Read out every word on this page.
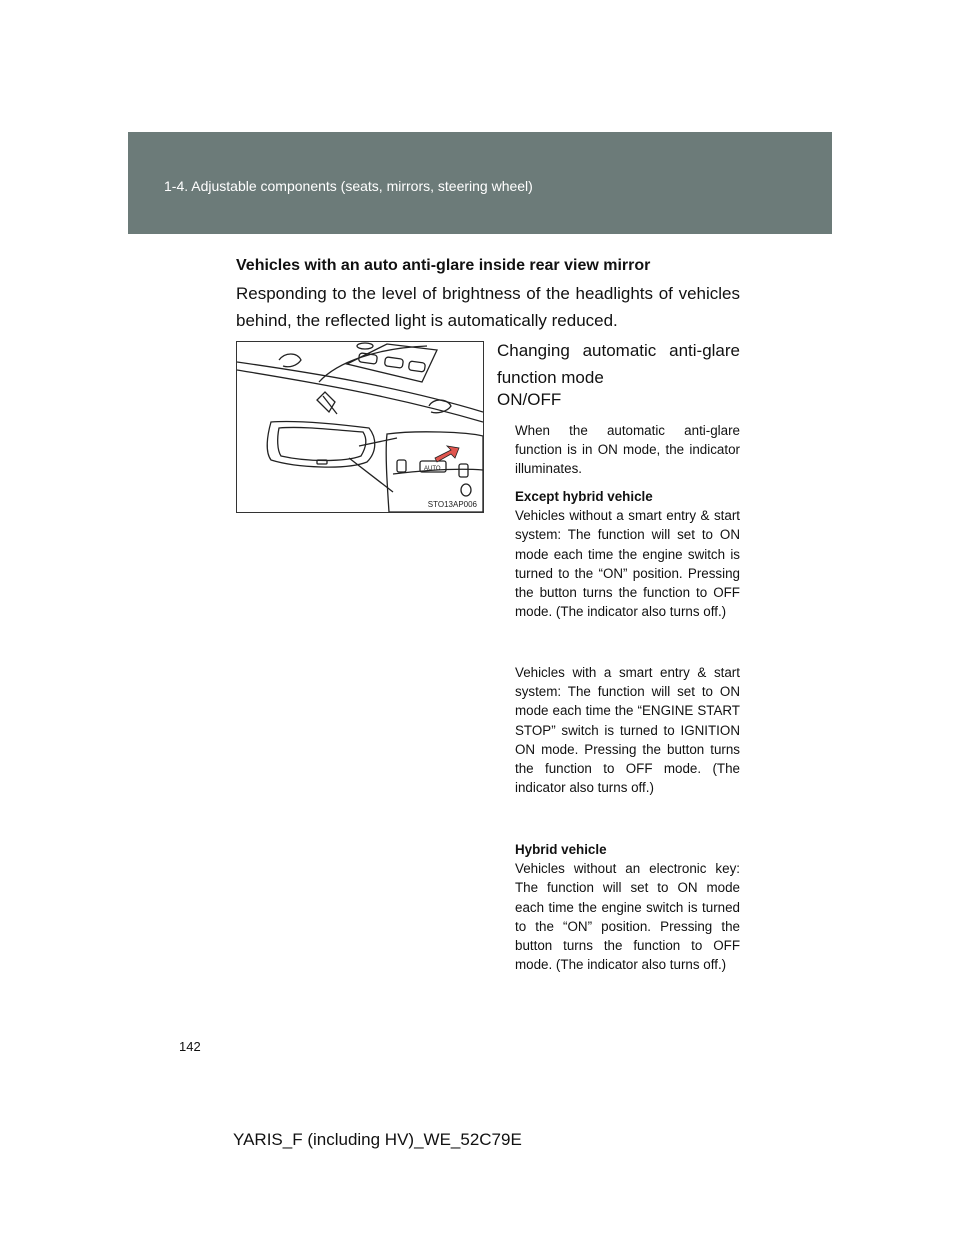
1-4. Adjustable components (seats, mirrors, steering wheel)
Vehicles with an auto anti-glare inside rear view mirror
Responding to the level of brightness of the headlights of vehicles behind, the reflected light is automatically reduced.
AUTO
STO13AP006
Changing automatic anti-glare function mode
ON/OFF

When the automatic anti-glare function is in ON mode, the indicator illuminates.

Except hybrid vehicle

Vehicles without a smart entry & start system: The function will set to ON mode each time the engine switch is turned to the “ON” position. Pressing the button turns the function to OFF mode. (The indicator also turns off.)

Vehicles with a smart entry & start system: The function will set to ON mode each time the “ENGINE START STOP” switch is turned to IGNITION ON mode. Pressing the button turns the function to OFF mode. (The indicator also turns off.)

Hybrid vehicle

Vehicles without an electronic key: The function will set to ON mode each time the engine switch is turned to the “ON” position. Pressing the button turns the function to OFF mode. (The indicator also turns off.)

142
YARIS_F (including HV)_WE_52C79E
